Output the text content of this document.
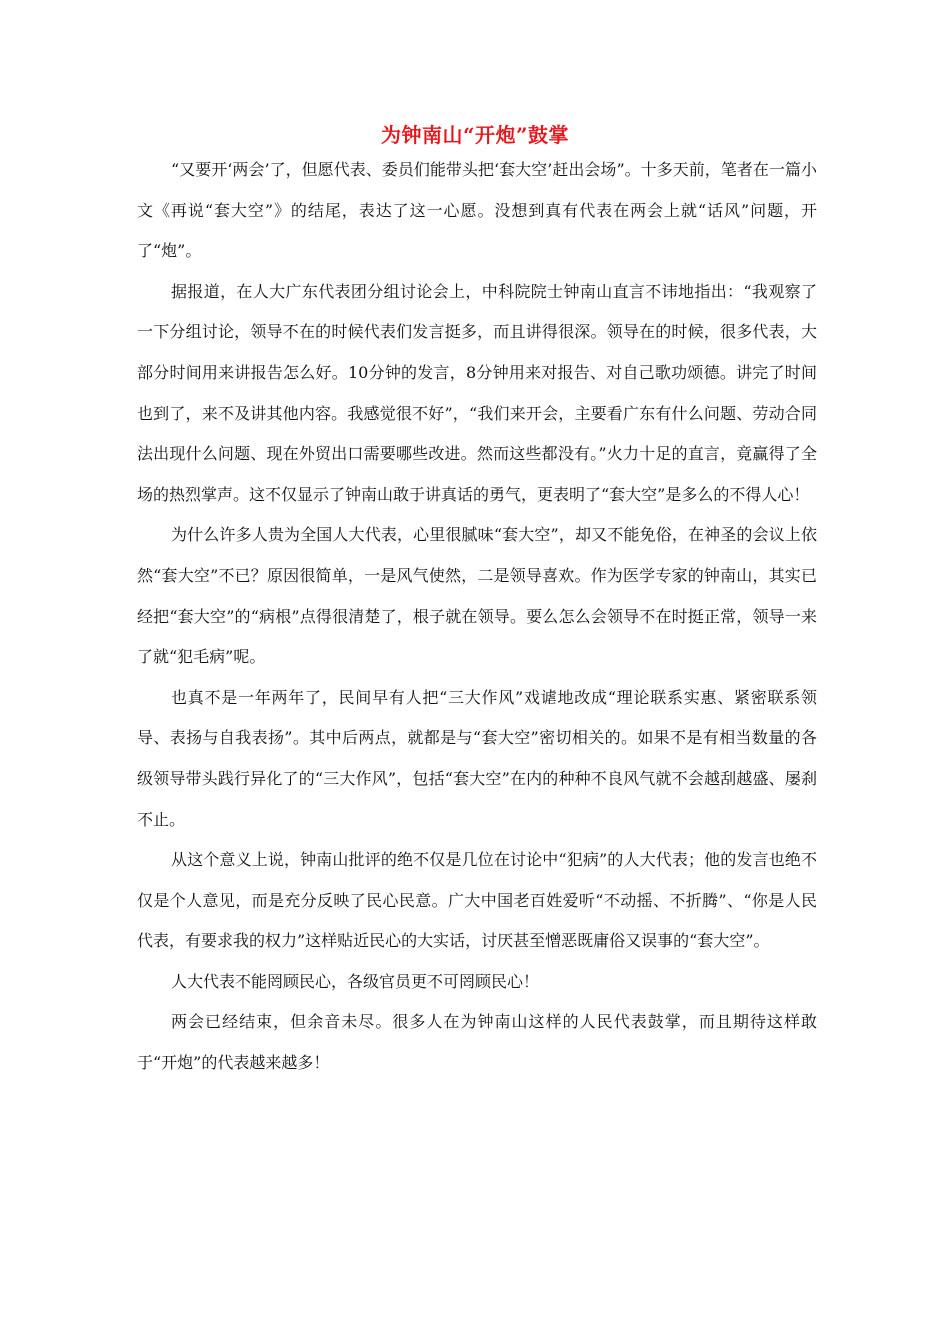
为钟南山“开炮”鼓掌

“又要开‘两会’了，但愿代表、委员们能带头把‘套大空’赶出会场”。十多天前，笔者在一篇小文《再说“套大空”》的结尾，表达了这一心愿。没想到真有代表在两会上就“话风”问题，开了“炮”。

据报道，在人大广东代表团分组讨论会上，中科院院士钟南山直言不讳地指出：“我观察了一下分组讨论，领导不在的时候代表们发言挺多，而且讲得很深。领导在的时候，很多代表，大部分时间用来讲报告怎么好。10分钟的发言，8分钟用来对报告、对自己歌功颂德。讲完了时间也到了，来不及讲其他内容。我感觉很不好”，“我们来开会，主要看广东有什么问题、劳动合同法出现什么问题、现在外贸出口需要哪些改进。然而这些都没有。”火力十足的直言，竟赢得了全场的热烈掌声。这不仅显示了钟南山敢于讲真话的勇气，更表明了“套大空”是多么的不得人心！

为什么许多人贵为全国人大代表，心里很腻味“套大空”，却又不能免俗，在神圣的会议上依然“套大空”不已？原因很简单，一是风气使然，二是领导喜欢。作为医学专家的钟南山，其实已经把“套大空”的“病根”点得很清楚了，根子就在领导。要么怎么会领导不在时挺正常，领导一来了就“犯毛病”呢。

也真不是一年两年了，民间早有人把“三大作风”戏谑地改成“理论联系实惠、紧密联系领导、表扬与自我表扬”。其中后两点，就都是与“套大空”密切相关的。如果不是有相当数量的各级领导带头践行异化了的“三大作风”，包括“套大空”在内的种种不良风气就不会越刮越盛、屡刹不止。

从这个意义上说，钟南山批评的绝不仅是几位在讨论中“犯病”的人大代表；他的发言也绝不仅是个人意见，而是充分反映了民心民意。广大中国老百姓爱听“不动摇、不折腾”、“你是人民代表，有要求我的权力”这样贴近民心的大实话，讨厌甚至憎恶既庸俗又误事的“套大空”。

人大代表不能罔顾民心，各级官员更不可罔顾民心！

两会已经结束，但余音未尽。很多人在为钟南山这样的人民代表鼓掌，而且期待这样敢于“开炮”的代表越来越多！
